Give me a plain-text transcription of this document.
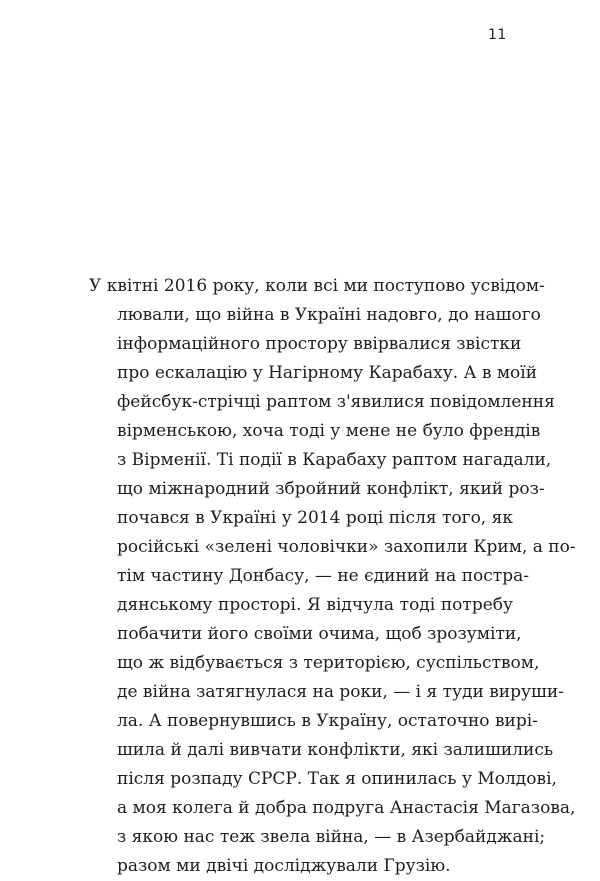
11
У квітні 2016 року, коли всі ми поступово усвідом-
лювали, що війна в Україні надовго, до нашого
інформаційного простору ввірвалися звістки
про ескалацію у Нагірному Карабаху. А в моїй
фейсбук-стрічці раптом з'явилися повідомлення
вірменською, хоча тоді у мене не було френдів
з Вірменії. Ті події в Карабаху раптом нагадали,
що міжнародний збройний конфлікт, який роз-
почався в Україні у 2014 році після того, як
російські «зелені чоловічки» захопили Крим, а по-
тім частину Донбасу, — не єдиний на пострa-
дянському просторі. Я відчула тоді потребу
побачити його своїми очима, щоб зрозуміти,
що ж відбувається з територією, суспільством,
де війна затягнулася на роки, — і я туди вируши-
ла. А повернувшись в Україну, остаточно вирі-
шила й далі вивчати конфлікти, які залишились
після розпаду СРСР. Так я опинилась у Молдові,
а моя колега й добра подруга Анастасія Магазова,
з якою нас теж звела війна, — в Азербайджані;
разом ми двічі досліджували Грузію.
